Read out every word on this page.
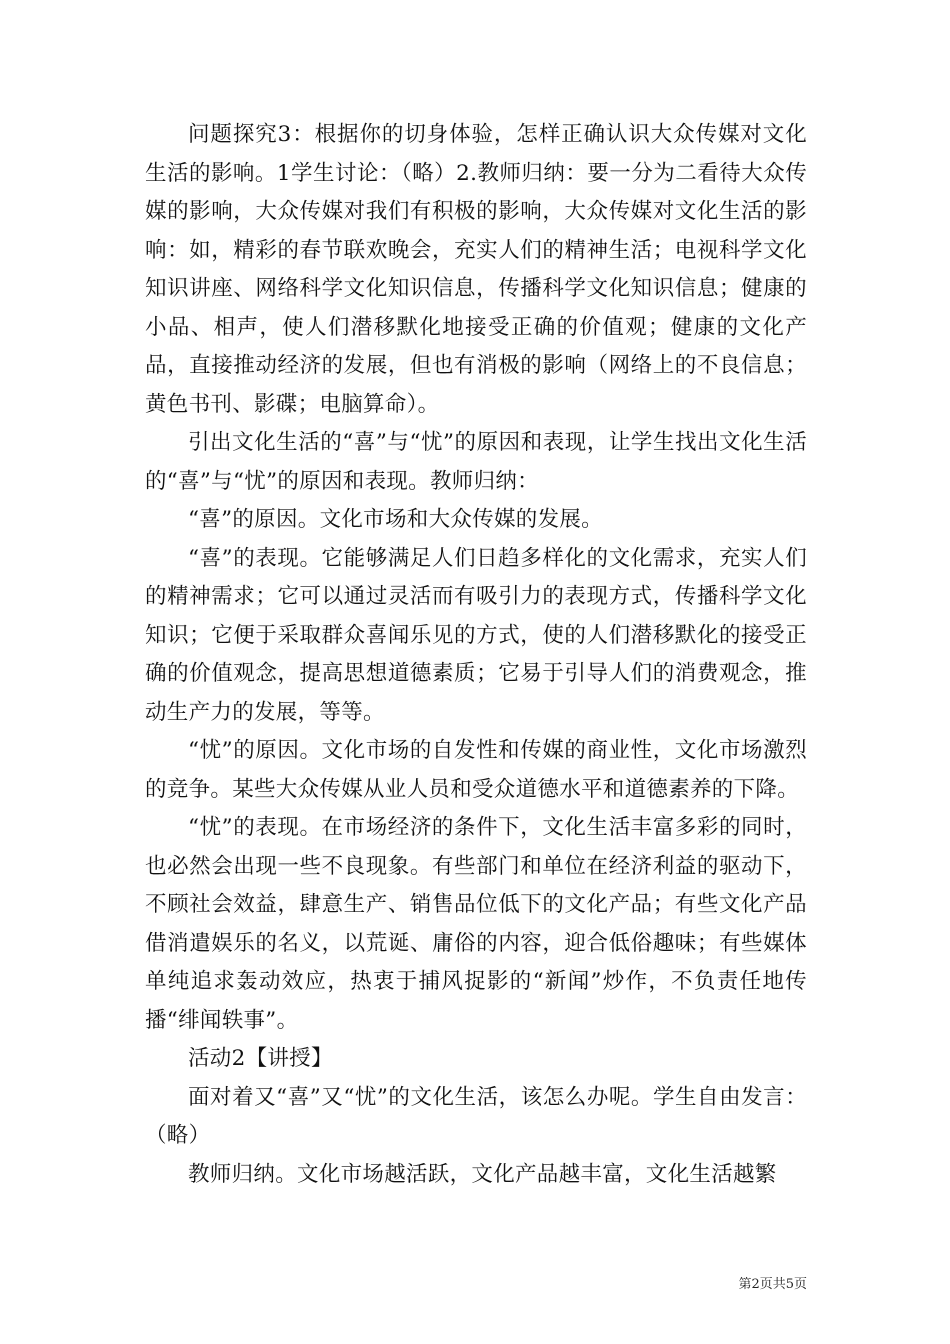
问题探究3：根据你的切身体验，怎样正确认识大众传媒对文化生活的影响。1学生讨论：（略）2.教师归纳：要一分为二看待大众传媒的影响，大众传媒对我们有积极的影响，大众传媒对文化生活的影响：如，精彩的春节联欢晚会，充实人们的精神生活；电视科学文化知识讲座、网络科学文化知识信息，传播科学文化知识信息；健康的小品、相声，使人们潜移默化地接受正确的价值观；健康的文化产品，直接推动经济的发展，但也有消极的影响（网络上的不良信息；黄色书刊、影碟；电脑算命）。

引出文化生活的“喜”与“忧”的原因和表现，让学生找出文化生活的“喜”与“忧”的原因和表现。教师归纳：

“喜”的原因。文化市场和大众传媒的发展。

“喜”的表现。它能够满足人们日趋多样化的文化需求，充实人们的精神需求；它可以通过灵活而有吸引力的表现方式，传播科学文化知识；它便于采取群众喜闻乐见的方式，使的人们潜移默化的接受正确的价值观念，提高思想道德素质；它易于引导人们的消费观念，推动生产力的发展，等等。

“忧”的原因。文化市场的自发性和传媒的商业性，文化市场激烈的竞争。某些大众传媒从业人员和受众道德水平和道德素养的下降。

“忧”的表现。在市场经济的条件下，文化生活丰富多彩的同时，也必然会出现一些不良现象。有些部门和单位在经济利益的驱动下，不顾社会效益，肆意生产、销售品位低下的文化产品；有些文化产品借消遣娱乐的名义，以荒诞、庸俗的内容，迎合低俗趣味；有些媒体单纯追求轰动效应，热衷于捕风捉影的“新闻”炒作，不负责任地传播“绯闻轶事”。

活动2【讲授】

面对着又“喜”又“忧”的文化生活，该怎么办呢。学生自由发言：（略）

教师归纳。文化市场越活跃，文化产品越丰富，文化生活越繁

第2页共5页
